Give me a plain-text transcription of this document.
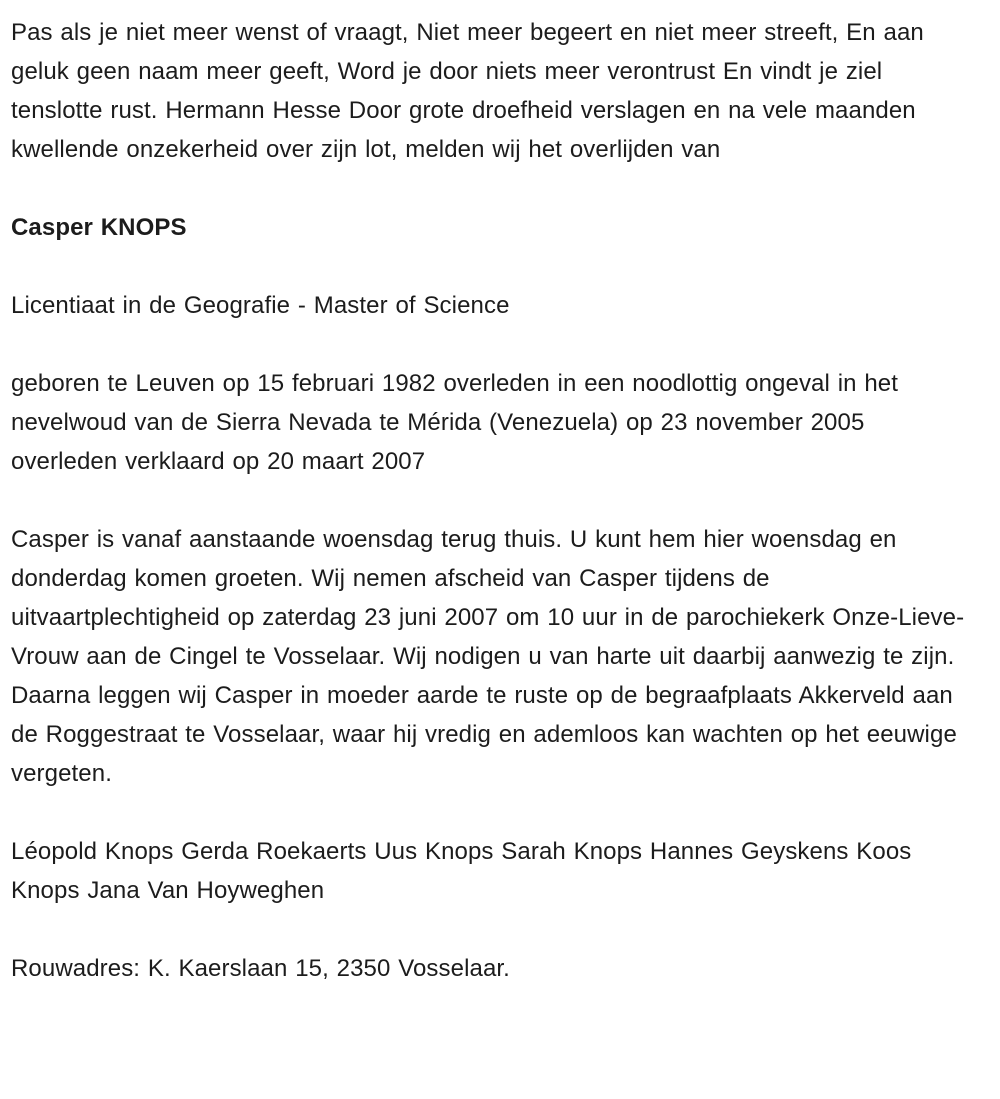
Pas als je niet meer wenst of vraagt, Niet meer begeert en niet meer streeft, En aan geluk geen naam meer geeft, Word je door niets meer verontrust En vindt je ziel tenslotte rust. Hermann Hesse Door grote droefheid verslagen en na vele maanden kwellende onzekerheid over zijn lot, melden wij het overlijden van

Casper KNOPS

Licentiaat in de Geografie - Master of Science

geboren te Leuven op 15 februari 1982 overleden in een noodlottig ongeval in het nevelwoud van de Sierra Nevada te Mérida (Venezuela) op 23 november 2005 overleden verklaard op 20 maart 2007

Casper is vanaf aanstaande woensdag terug thuis. U kunt hem hier woensdag en donderdag komen groeten. Wij nemen afscheid van Casper tijdens de uitvaartplechtigheid op zaterdag 23 juni 2007 om 10 uur in de parochiekerk Onze-Lieve-Vrouw aan de Cingel te Vosselaar. Wij nodigen u van harte uit daarbij aanwezig te zijn. Daarna leggen wij Casper in moeder aarde te ruste op de begraafplaats Akkerveld aan de Roggestraat te Vosselaar, waar hij vredig en ademloos kan wachten op het eeuwige vergeten.

Léopold Knops Gerda Roekaerts Uus Knops Sarah Knops Hannes Geyskens Koos Knops Jana Van Hoyweghen

Rouwadres: K. Kaerslaan 15, 2350 Vosselaar.
